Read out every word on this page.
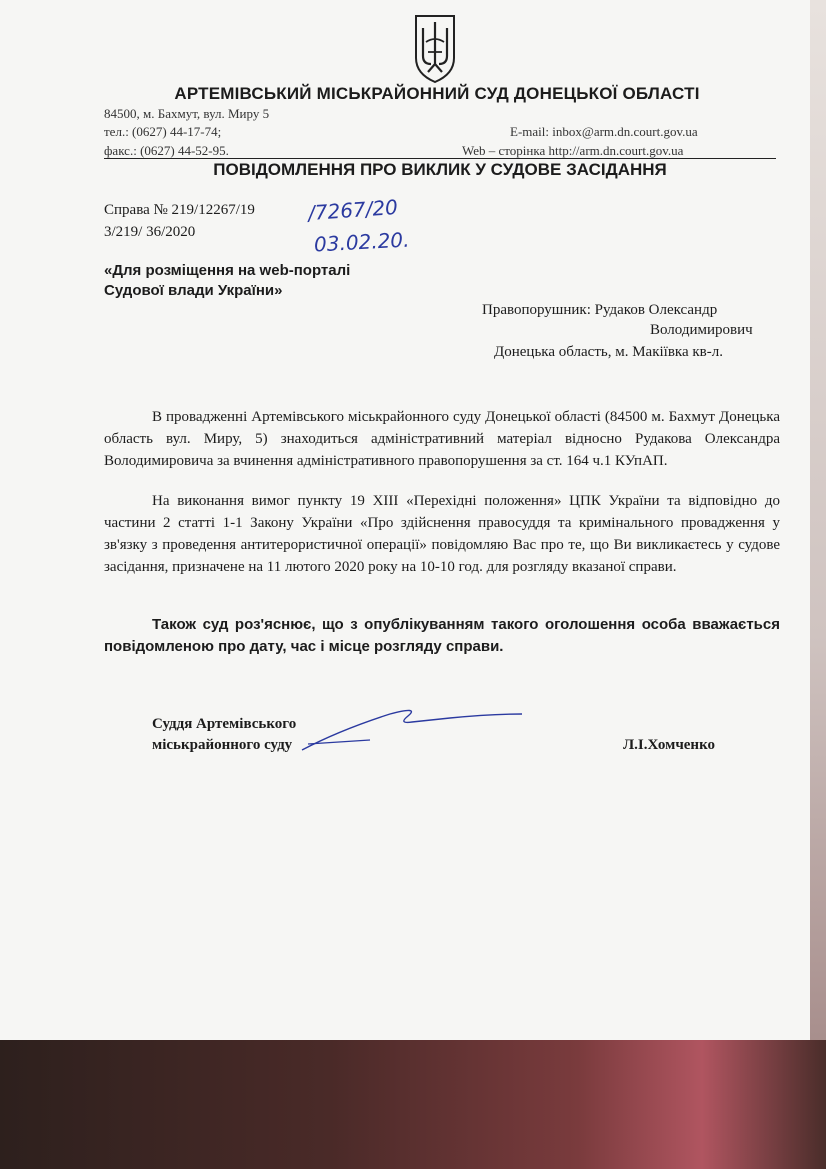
АРТЕМІВСЬКИЙ МІСЬКРАЙОННИЙ СУД ДОНЕЦЬКОЇ ОБЛАСТІ
84500, м. Бахмут, вул. Миру 5
тел.: (0627) 44-17-74;	E-mail: inbox@arm.dn.court.gov.ua
факс.: (0627) 44-52-95.	Web – сторінка http://arm.dn.court.gov.ua
ПОВІДОМЛЕННЯ ПРО ВИКЛИК У СУДОВЕ ЗАСІДАННЯ
Справа № 219/12267/19
3/219/ 36/2020
/7267/20
03.02.20.
«Для розміщення на web-порталі
Судової влади України»
Правопорушник: Рудаков Олександр
Володимирович
Донецька область, м. Макіївка кв-л.

В провадженні Артемівського міськрайонного суду Донецької області (84500 м. Бахмут Донецька область вул. Миру, 5) знаходиться адміністративний матеріал відносно Рудакова Олександра Володимировича за вчинення адміністративного правопорушення за ст. 164 ч.1 КУпАП.

На виконання вимог пункту 19 XIII «Перехідні положення» ЦПК України та відповідно до частини 2 статті 1-1 Закону України «Про здійснення правосуддя та кримінального провадження у зв'язку з проведення антитерористичної операції» повідомляю Вас про те, що Ви викликаєтесь у судове засідання, призначене на 11 лютого 2020 року на 10-10 год. для розгляду вказаної справи.

Також суд роз'яснює, що з опублікуванням такого оголошення особа вважається повідомленою про дату, час і місце розгляду справи.

Суддя Артемівського
міськрайонного суду	Л.І.Хомченко
